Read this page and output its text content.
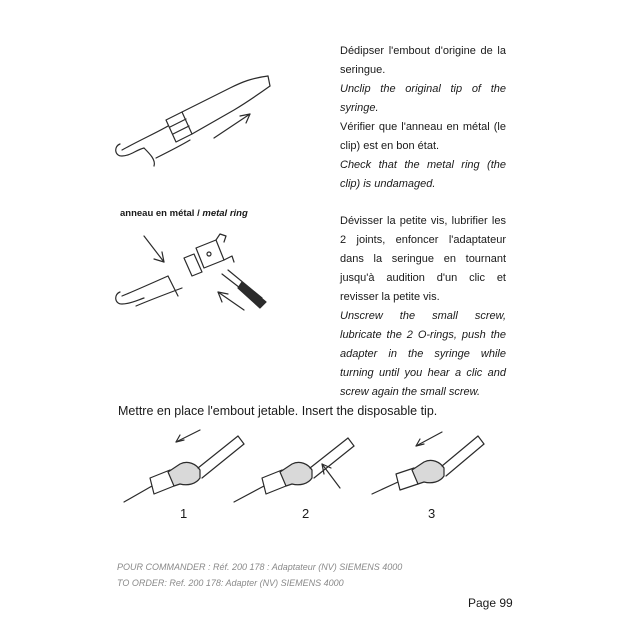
anneau en métal / metal ring

Dédipser l'embout d'origine de la seringue.

Unclip the original tip of the syringe.

Vérifier que l'anneau en métal (le clip) est en bon état.

Check that the metal ring (the clip) is undamaged.

Dévisser la petite vis, lubrifier les 2 joints, enfoncer l'adaptateur dans la seringue en tournant jusqu'à audition d'un clic et revisser la petite vis.

Unscrew the small screw, lubricate the 2 O-rings, push the adapter in the syringe while turning until you hear a clic and screw again the small screw.

Mettre en place l'embout jetable. Insert the disposable tip.
1	2	3
POUR COMMANDER : Réf. 200 178 : Adaptateur (NV) SIEMENS 4000
TO ORDER: Ref. 200 178: Adapter (NV) SIEMENS 4000
Page 99
